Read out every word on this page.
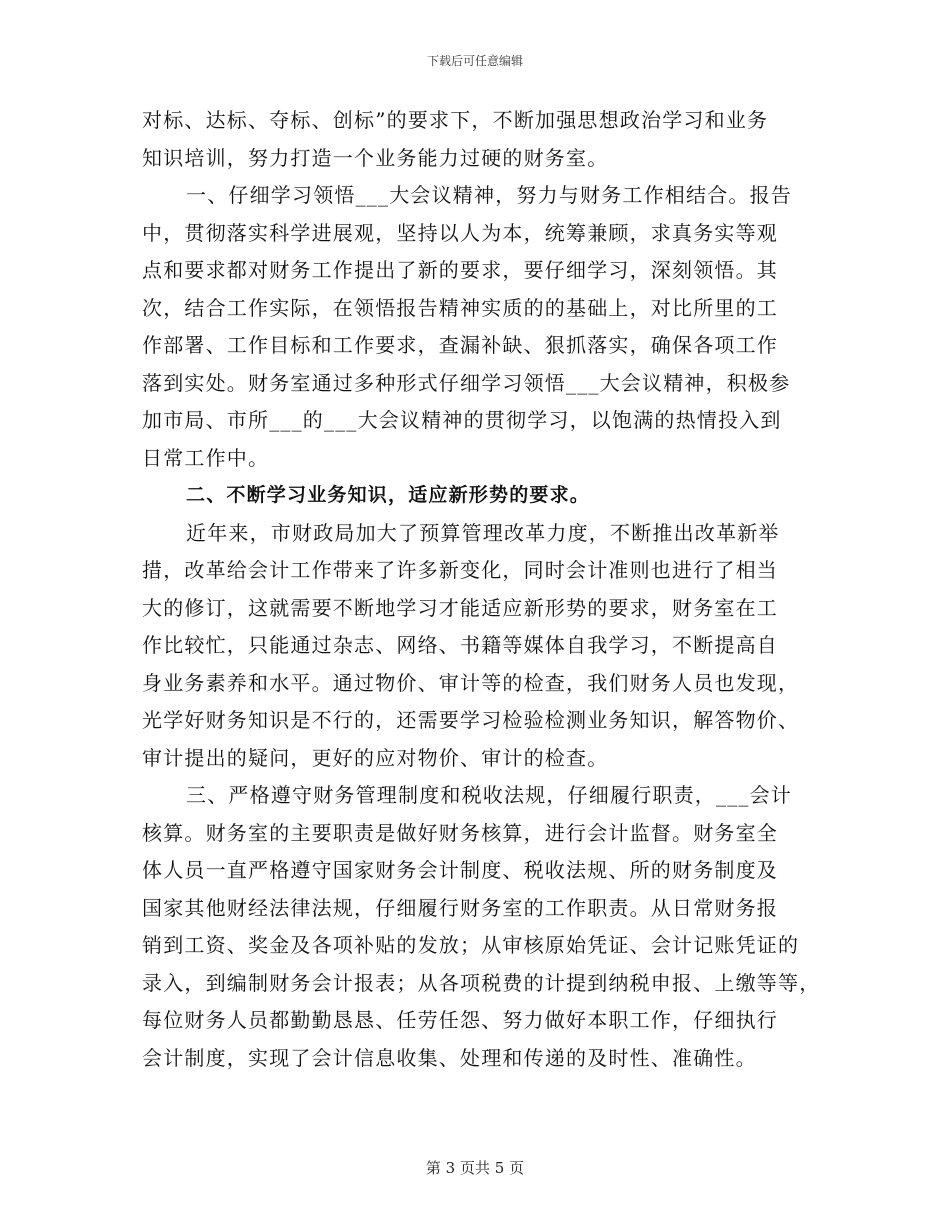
下载后可任意编辑
对标、达标、夺标、创标”的要求下，不断加强思想政治学习和业务
知识培训，努力打造一个业务能力过硬的财务室。
一、仔细学习领悟___大会议精神，努力与财务工作相结合。报告
中，贯彻落实科学进展观，坚持以人为本，统筹兼顾，求真务实等观
点和要求都对财务工作提出了新的要求，要仔细学习，深刻领悟。其
次，结合工作实际，在领悟报告精神实质的的基础上，对比所里的工
作部署、工作目标和工作要求，查漏补缺、狠抓落实，确保各项工作
落到实处。财务室通过多种形式仔细学习领悟___大会议精神，积极参
加市局、市所___的___大会议精神的贯彻学习，以饱满的热情投入到
日常工作中。
二、不断学习业务知识，适应新形势的要求。
近年来，市财政局加大了预算管理改革力度，不断推出改革新举
措，改革给会计工作带来了许多新变化，同时会计准则也进行了相当
大的修订，这就需要不断地学习才能适应新形势的要求，财务室在工
作比较忙，只能通过杂志、网络、书籍等媒体自我学习，不断提高自
身业务素养和水平。通过物价、审计等的检查，我们财务人员也发现，
光学好财务知识是不行的，还需要学习检验检测业务知识，解答物价、
审计提出的疑问，更好的应对物价、审计的检查。
三、严格遵守财务管理制度和税收法规，仔细履行职责，___会计
核算。财务室的主要职责是做好财务核算，进行会计监督。财务室全
体人员一直严格遵守国家财务会计制度、税收法规、所的财务制度及
国家其他财经法律法规，仔细履行财务室的工作职责。从日常财务报
销到工资、奖金及各项补贴的发放；从审核原始凭证、会计记账凭证的
录入，到编制财务会计报表；从各项税费的计提到纳税申报、上缴等等，
每位财务人员都勤勤恳恳、任劳任怨、努力做好本职工作，仔细执行
会计制度，实现了会计信息收集、处理和传递的及时性、准确性。
第 3 页共 5 页
